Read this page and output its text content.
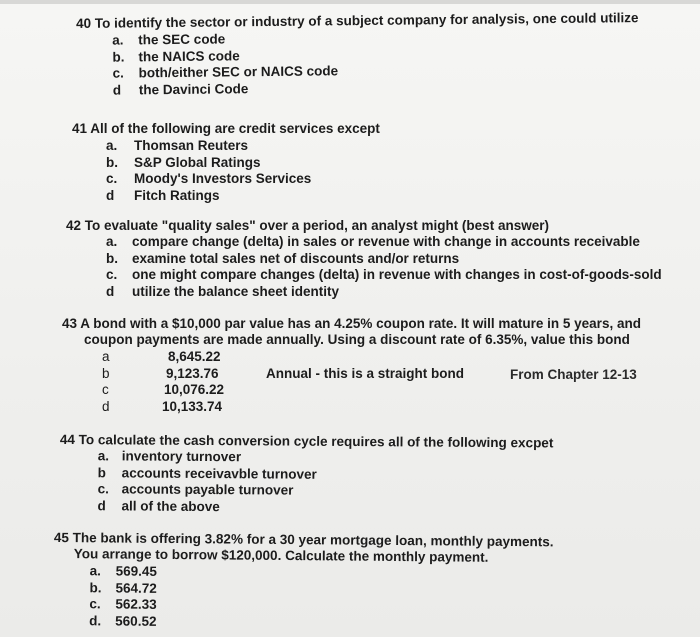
40 To identify the sector or industry of a subject company for analysis, one could utilize
a. the SEC code
b. the NAICS code
c. both/either SEC or NAICS code
d the Davinci Code
41 All of the following are credit services except
a. Thomsan Reuters
b. S&P Global Ratings
c. Moody's Investors Services
d Fitch Ratings
42 To evaluate "quality sales" over a period, an analyst might (best answer)
a. compare change (delta) in sales or revenue with change in accounts receivable
b. examine total sales net of discounts and/or returns
c. one might compare changes (delta) in revenue with changes in cost-of-goods-sold
d utilize the balance sheet identity
43 A bond with a $10,000 par value has an 4.25% coupon rate. It will mature in 5 years, and
coupon payments are made annually. Using a discount rate of 6.35%, value this bond
a	8,645.22
b	9,123.76
c	10,076.22
d	10,133.74
Annual - this is a straight bond	From Chapter 12-13
44 To calculate the cash conversion cycle requires all of the following excpet
a. inventory turnover
b accounts receivavble turnover
c. accounts payable turnover
d all of the above
45 The bank is offering 3.82% for a 30 year mortgage loan, monthly payments.
You arrange to borrow $120,000. Calculate the monthly payment.
a. 569.45
b. 564.72
c. 562.33
d. 560.52
